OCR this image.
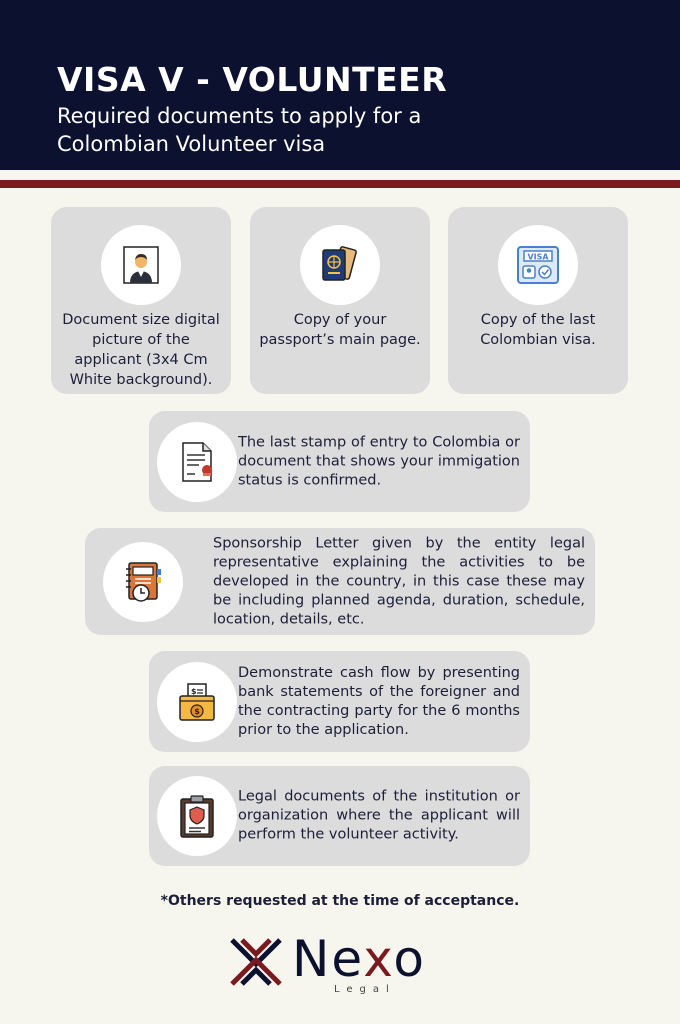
VISA V - VOLUNTEER
Required documents to apply for a Colombian Volunteer visa
Document size digital picture of the applicant (3x4 Cm White background).
Copy of your passport’s main page.
VISA
Copy of the last Colombian visa.
The last stamp of entry to Colombia or document that shows your immigation status is confirmed.
Sponsorship Letter given by the entity legal representative explaining the activities to be developed in the country, in this case these may be including planned agenda, duration, schedule, location, details, etc.
$
$
Demonstrate cash flow by presenting bank statements of the foreigner and the contracting party for the 6 months prior to the application.
Legal documents of the institution or organization where the applicant will perform the volunteer activity.
*Others requested at the time of acceptance.
Nexo
Legal
